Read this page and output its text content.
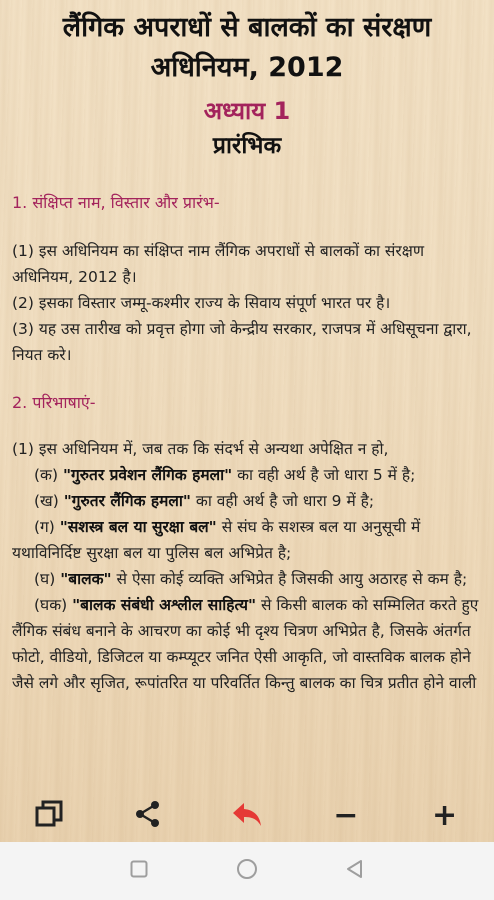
लैंगिक अपराधों से बालकों का संरक्षण
अधिनियम, 2012
अध्याय 1
प्रारंभिक
1. संक्षिप्त नाम, विस्तार और प्रारंभ-
(1) इस अधिनियम का संक्षिप्त नाम लैंगिक अपराधों से बालकों का संरक्षण अधिनियम, 2012 है।
(2) इसका विस्तार जम्मू-कश्मीर राज्य के सिवाय संपूर्ण भारत पर है।
(3) यह उस तारीख को प्रवृत्त होगा जो केन्द्रीय सरकार, राजपत्र में अधिसूचना द्वारा, नियत करे।
2. परिभाषाएं-
(1) इस अधिनियम में, जब तक कि संदर्भ से अन्यथा अपेक्षित न हो,
(क) "गुरुतर प्रवेशन लैंगिक हमला" का वही अर्थ है जो धारा 5 में है;
(ख) "गुरुतर लैंगिक हमला" का वही अर्थ है जो धारा 9 में है;
(ग) "सशस्त्र बल या सुरक्षा बल" से संघ के सशस्त्र बल या अनुसूची में यथाविनिर्दिष्ट सुरक्षा बल या पुलिस बल अभिप्रेत है;
(घ) "बालक" से ऐसा कोई व्यक्ति अभिप्रेत है जिसकी आयु अठारह से कम है;
(घक) "बालक संबंधी अश्लील साहित्य" से किसी बालक को सम्मिलित करते हुए लैंगिक संबंध बनाने के आचरण का कोई भी दृश्य चित्रण अभिप्रेत है, जिसके अंतर्गत फोटो, वीडियो, डिजिटल या कम्प्यूटर जनित ऐसी आकृति, जो वास्तविक बालक होने जैसे लगे और सृजित, रूपांतरित या परिवर्तित किन्तु बालक का चित्र प्रतीत होने वाली
− +
